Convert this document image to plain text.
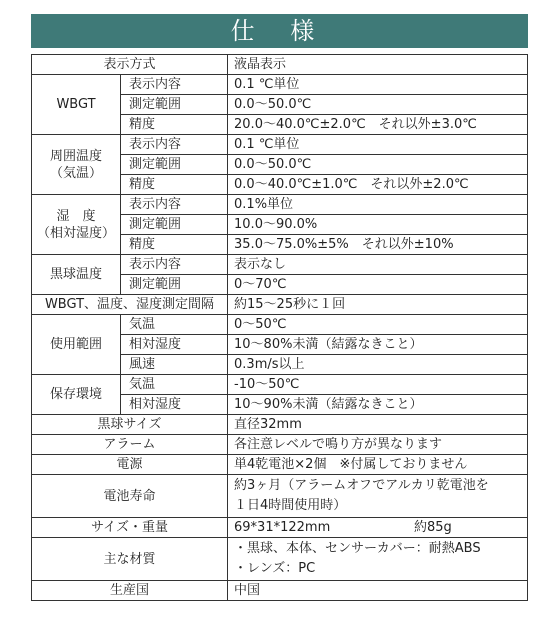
仕 様
表示方式		液晶表示
WBGT	表示内容	0.1 ℃単位
	測定範囲	0.0〜50.0℃
	精度	20.0〜40.0℃±2.0℃　それ以外±3.0℃

周囲温度
（気温）	表示内容	0.1 ℃単位
	測定範囲	0.0〜50.0℃
	精度	0.0〜40.0℃±1.0℃　それ以外±2.0℃

湿　度
（相対湿度）	表示内容	0.1%単位
	測定範囲	10.0〜90.0%
	精度	35.0〜75.0%±5%　それ以外±10%
黒球温度	表示内容	表示なし
	測定範囲	0〜70℃
WBGT、温度、湿度測定間隔		約15〜25秒に１回
使用範囲	気温	0〜50℃
	相対湿度	10〜80%未満（結露なきこと）
	風速	0.3m/s以上
保存環境	気温	-10〜50℃
	相対湿度	10〜90%未満（結露なきこと）
黒球サイズ		直径32mm
アラーム		各注意レベルで鳴り方が異なります
電源		単4乾電池×2個　※付属しておりません
電池寿命		約3ヶ月（アラームオフでアルカリ乾電池を
１日4時間使用時）

サイズ・重量		69*31*122mm 約85g
主な材質		・黒球、本体、センサーカバー：耐熱ABS
・レンズ：PC

生産国		中国
